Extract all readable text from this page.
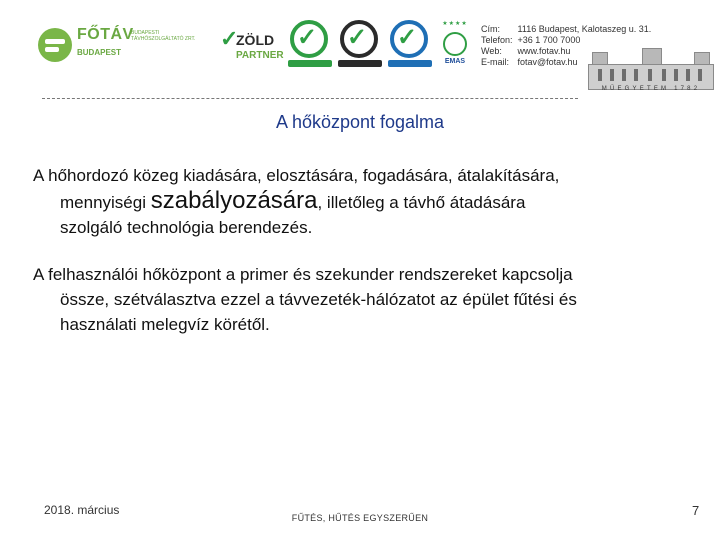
FŐTÁV
BUDAPESTI TÁVHŐSZOLGÁLTATÓ ZRT.
BUDAPEST
✓
ZÖLD
PARTNER
✓ ✓ ✓	★★★★
EMAS
Cím: 1116 Budapest, Kalotaszeg u. 31.
Telefon: +36 1 700 7000
Web: www.fotav.hu
E-mail: fotav@fotav.hu
MŰEGYETEM 1782
A hőközpont fogalma
A hőhordozó közeg kiadására, elosztására, fogadására, átalakítására,
mennyiségi szabályozására, illetőleg a távhő átadására
szolgáló technológia berendezés.
A felhasználói hőközpont a primer és szekunder rendszereket kapcsolja
össze, szétválasztva ezzel a távvezeték-hálózatot az épület fűtési és
használati melegvíz körétől.
2018. március
FŰTÉS, HŰTÉS EGYSZERŰEN	7
